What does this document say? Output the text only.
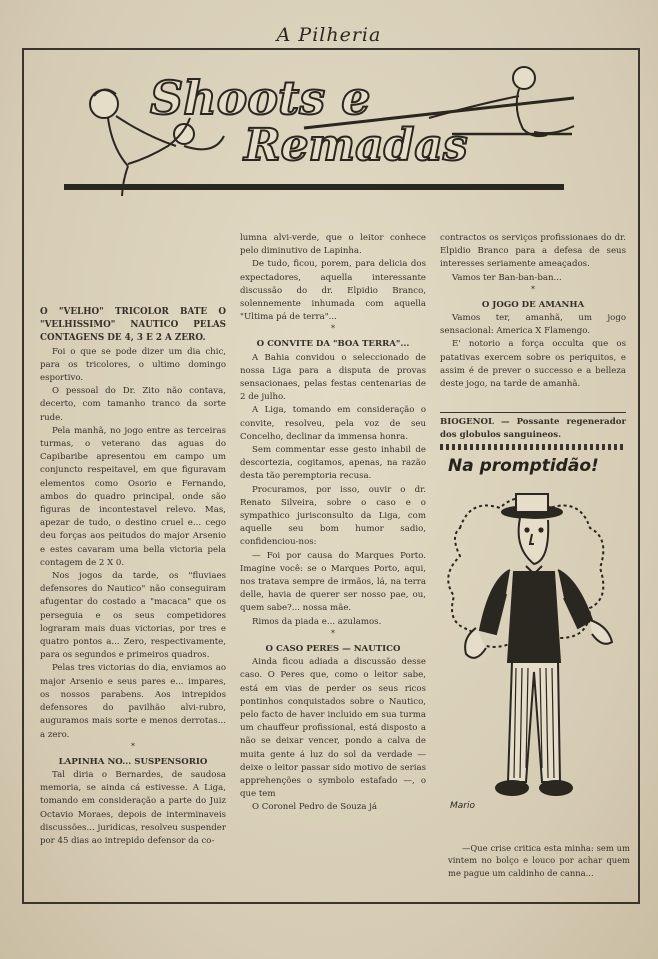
A Pilheria
Shoots e
Remadas

O "VELHO" TRICOLOR BATE O "VELHISSIMO" NAUTICO PELAS CONTAGENS DE 4, 3 E 2 A ZERO.

Foi o que se pode dizer um dia chic, para os tricolores, o ultimo domingo esportivo.

O pessoal do Dr. Zito não contava, decerto, com tamanho tranco da sorte rude.

Pela manhã, no jogo entre as terceiras turmas, o veterano das aguas do Capibaribe apresentou em campo um conjuncto respeitavel, em que figuravam elementos como Osorio e Fernando, ambos do quadro principal, onde são figuras de incontestavel relevo. Mas, apezar de tudo, o destino cruel e... cego deu forças aos peitudos do major Arsenio e estes cavaram uma bella victoria pela contagem de 2 X 0.

Nos jogos da tarde, os "fluviaes defensores do Nautico" não conseguiram afugentar do costado a "macaca" que os perseguia e os seus competidores lograram mais duas victorias, por tres e quatro pontos a... Zero, respectivamente, para os segundos e primeiros quadros.

Pelas tres victorias do dia, enviamos ao major Arsenio e seus pares e... impares, os nossos parabens. Aos intrepidos defensores do pavilhão alvi-rubro, auguramos mais sorte e menos derrotas... a zero.

*

LAPINHA NO... SUSPENSORIO

Tal diria o Bernardes, de saudosa memoria, se ainda cá estivesse. A Liga, tomando em consideração a parte do Juiz Octavio Moraes, depois de interminaveis discussões... juridicas, resolveu suspender por 45 dias ao intrepido defensor da co-

lumna alvi-verde, que o leitor conhece pelo diminutivo de Lapinha.

De tudo, ficou, porem, para delicia dos expectadores, aquella interessante discussão do dr. Elpidio Branco, solennemente inhumada com aquella "Ultima pá de terra"...

*

O CONVITE DA "BOA TERRA"...

A Bahia convidou o seleccionado de nossa Liga para a disputa de provas sensacionaes, pelas festas centenarias de 2 de julho.

A Liga, tomando em consideração o convite, resolveu, pela voz de seu Concelho, declinar da immensa honra.

Sem commentar esse gesto inhabil de descortezia, cogitamos, apenas, na razão desta tão peremptoria recusa.

Procuramos, por isso, ouvir o dr. Renato Silveira, sobre o caso e o sympathico jurisconsulto da Liga, com aquelle seu bom humor sadio, confidenciou-nos:

— Foi por causa do Marques Porto. Imagine você: se o Marques Porto, aqui, nos tratava sempre de irmãos, lá, na terra delle, havia de querer ser nosso pae, ou, quem sabe?... nossa mãe.

Rimos da piada e... azulamos.

*

O CASO PERES — NAUTICO

Ainda ficou adiada a discussão desse caso. O Peres que, como o leitor sabe, está em vias de perder os seus ricos pontinhos conquistados sobre o Nautico, pelo facto de haver incluido em sua turma um chauffeur profissional, está disposto a não se deixar vencer, pondo a calva de muita gente á luz do sol da verdade — deixe o leitor passar sido motivo de serias apprehenções o symbolo estafado —, o que tem

O Coronel Pedro de Souza já

contractos os serviços profissionaes do dr. Elpidio Branco para a defesa de seus interesses seriamente ameaçados.

Vamos ter Ban-ban-ban...

*

O JOGO DE AMANHA

Vamos ter, amanhã, um jogo sensacional: America X Flamengo.

E' notorio a força occulta que os patativas exercem sobre os periquitos, e assim é de prever o successo e a belleza deste jogo, na tarde de amanhã.

BIOGENOL — Possante regenerador dos globulos sanguineos.

Na promptidão!
Mario
—Que crise critica esta minha: sem um vintem no bolço e louco por achar quem me pague um caldinho de canna...
